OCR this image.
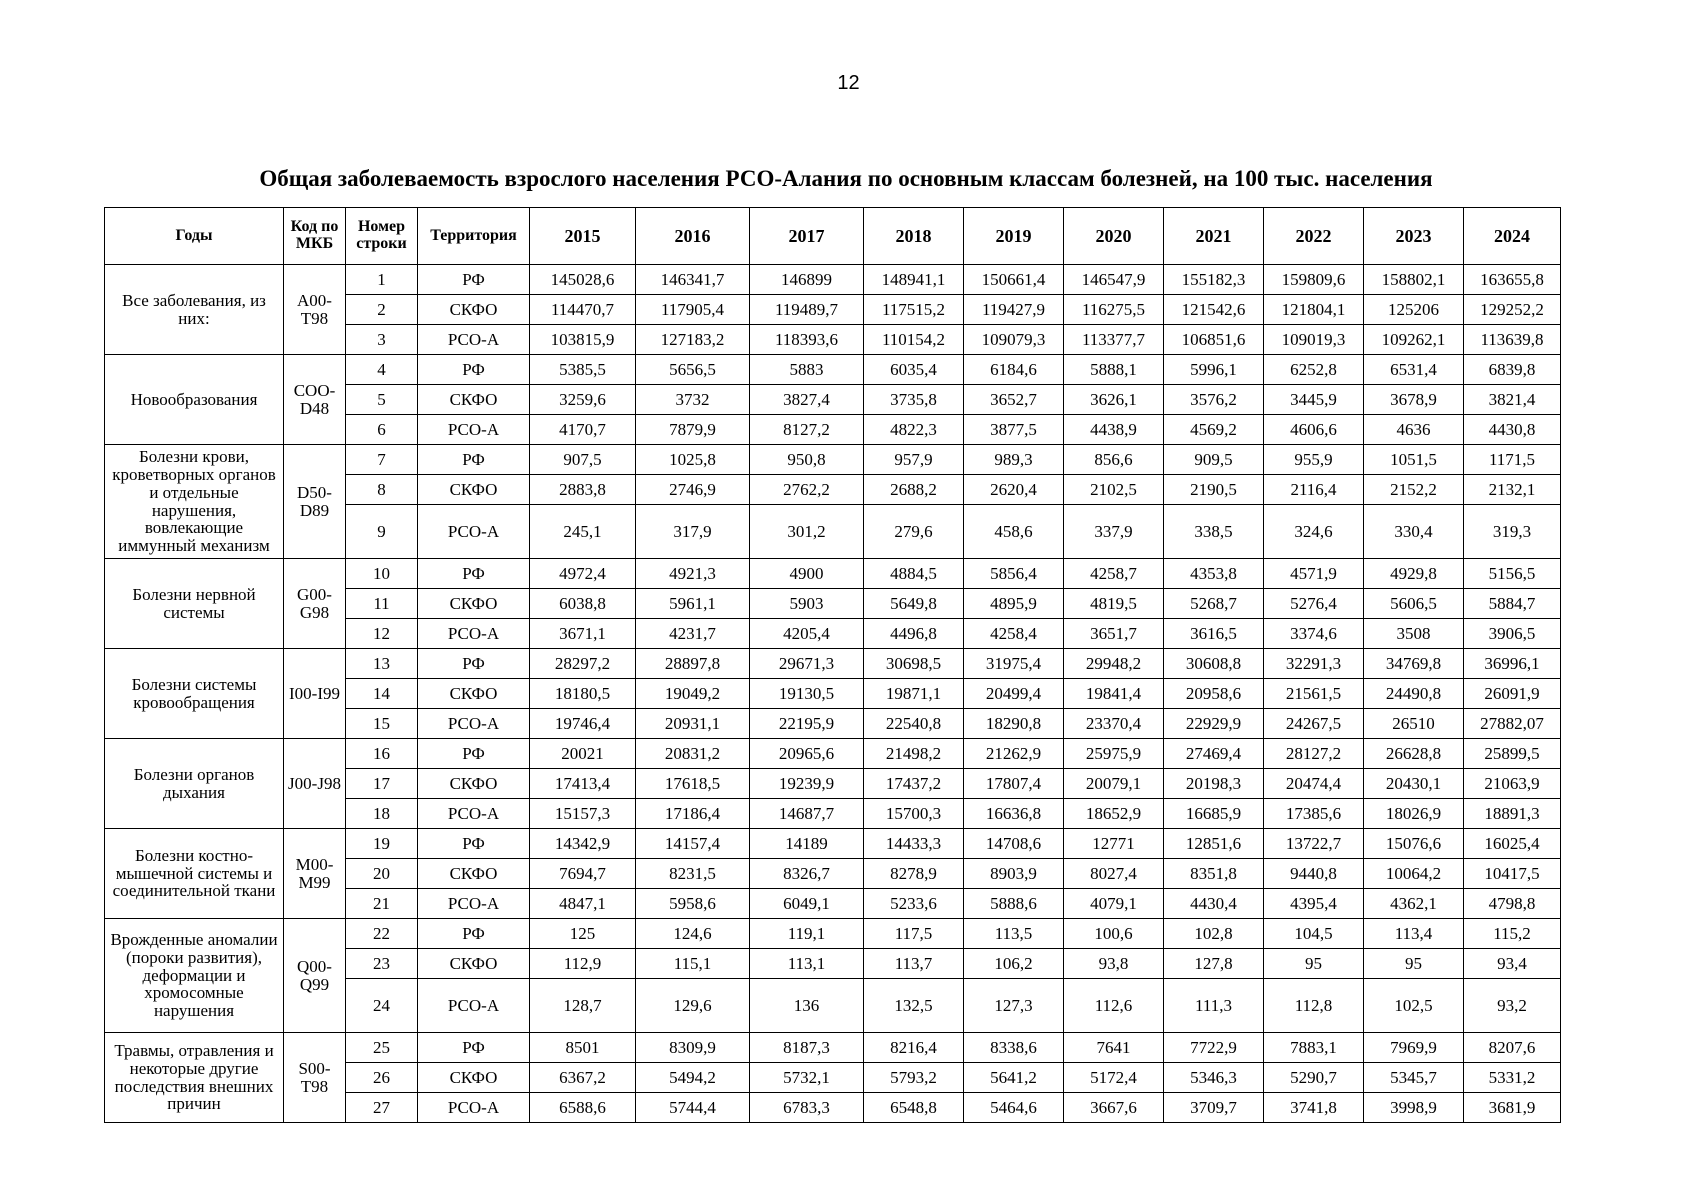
12
Общая заболеваемость взрослого населения РСО-Алания по основным классам болезней, на 100 тыс. населения
Годы	Код по МКБ	Номер строки	Территория	2015	2016	2017	2018	2019	2020	2021	2022	2023	2024
Все заболевания, из них:	A00-T98	1	РФ	145028,6	146341,7	146899	148941,1	150661,4	146547,9	155182,3	159809,6	158802,1	163655,8
		2	СКФО	114470,7	117905,4	119489,7	117515,2	119427,9	116275,5	121542,6	121804,1	125206	129252,2
		3	РСО-А	103815,9	127183,2	118393,6	110154,2	109079,3	113377,7	106851,6	109019,3	109262,1	113639,8
Новообразования	COO-D48	4	РФ	5385,5	5656,5	5883	6035,4	6184,6	5888,1	5996,1	6252,8	6531,4	6839,8
		5	СКФО	3259,6	3732	3827,4	3735,8	3652,7	3626,1	3576,2	3445,9	3678,9	3821,4
		6	РСО-А	4170,7	7879,9	8127,2	4822,3	3877,5	4438,9	4569,2	4606,6	4636	4430,8
Болезни крови, кроветворных органов и отдельные нарушения, вовлекающие иммунный механизм	D50-D89	7	РФ	907,5	1025,8	950,8	957,9	989,3	856,6	909,5	955,9	1051,5	1171,5
		8	СКФО	2883,8	2746,9	2762,2	2688,2	2620,4	2102,5	2190,5	2116,4	2152,2	2132,1
		9	РСО-А	245,1	317,9	301,2	279,6	458,6	337,9	338,5	324,6	330,4	319,3
Болезни нервной системы	G00-G98	10	РФ	4972,4	4921,3	4900	4884,5	5856,4	4258,7	4353,8	4571,9	4929,8	5156,5
		11	СКФО	6038,8	5961,1	5903	5649,8	4895,9	4819,5	5268,7	5276,4	5606,5	5884,7
		12	РСО-А	3671,1	4231,7	4205,4	4496,8	4258,4	3651,7	3616,5	3374,6	3508	3906,5
Болезни системы кровообращения	I00-I99	13	РФ	28297,2	28897,8	29671,3	30698,5	31975,4	29948,2	30608,8	32291,3	34769,8	36996,1
		14	СКФО	18180,5	19049,2	19130,5	19871,1	20499,4	19841,4	20958,6	21561,5	24490,8	26091,9
		15	РСО-А	19746,4	20931,1	22195,9	22540,8	18290,8	23370,4	22929,9	24267,5	26510	27882,07
Болезни органов дыхания	J00-J98	16	РФ	20021	20831,2	20965,6	21498,2	21262,9	25975,9	27469,4	28127,2	26628,8	25899,5
		17	СКФО	17413,4	17618,5	19239,9	17437,2	17807,4	20079,1	20198,3	20474,4	20430,1	21063,9
		18	РСО-А	15157,3	17186,4	14687,7	15700,3	16636,8	18652,9	16685,9	17385,6	18026,9	18891,3
Болезни костно-мышечной системы и соединительной ткани	M00-M99	19	РФ	14342,9	14157,4	14189	14433,3	14708,6	12771	12851,6	13722,7	15076,6	16025,4
		20	СКФО	7694,7	8231,5	8326,7	8278,9	8903,9	8027,4	8351,8	9440,8	10064,2	10417,5
		21	РСО-А	4847,1	5958,6	6049,1	5233,6	5888,6	4079,1	4430,4	4395,4	4362,1	4798,8
Врожденные аномалии (пороки развития), деформации и хромосомные нарушения	Q00-Q99	22	РФ	125	124,6	119,1	117,5	113,5	100,6	102,8	104,5	113,4	115,2
		23	СКФО	112,9	115,1	113,1	113,7	106,2	93,8	127,8	95	95	93,4
		24	РСО-А	128,7	129,6	136	132,5	127,3	112,6	111,3	112,8	102,5	93,2
Травмы, отравления и некоторые другие последствия внешних причин	S00-T98	25	РФ	8501	8309,9	8187,3	8216,4	8338,6	7641	7722,9	7883,1	7969,9	8207,6
		26	СКФО	6367,2	5494,2	5732,1	5793,2	5641,2	5172,4	5346,3	5290,7	5345,7	5331,2
		27	РСО-А	6588,6	5744,4	6783,3	6548,8	5464,6	3667,6	3709,7	3741,8	3998,9	3681,9
